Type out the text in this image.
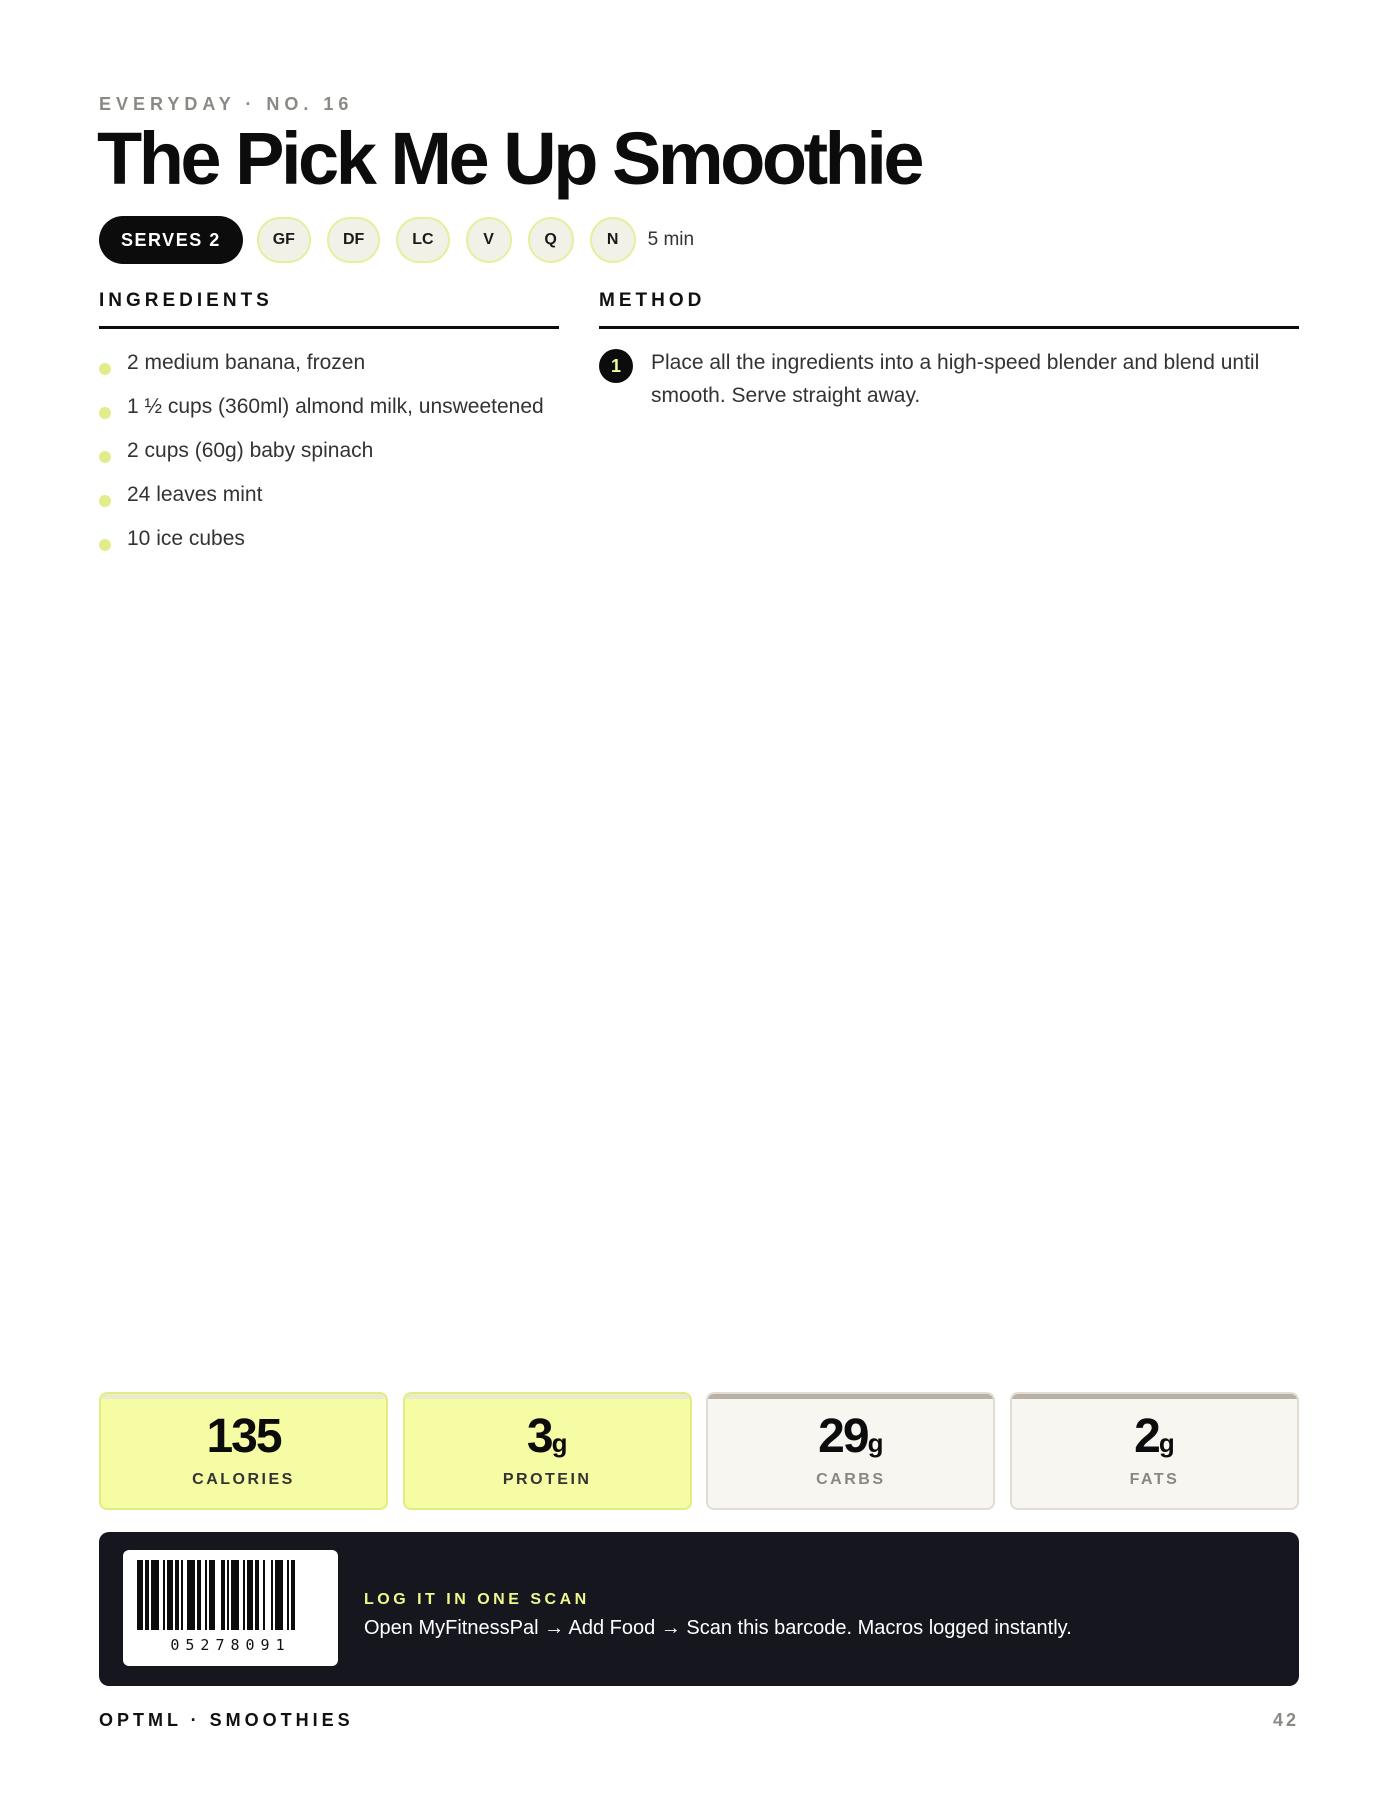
EVERYDAY · NO. 16
The Pick Me Up Smoothie
SERVES 2	GF	DF	LC	V	Q	N	5 min
INGREDIENTS
2 medium banana, frozen
1 ½ cups (360ml) almond milk, unsweetened
2 cups (60g) baby spinach
24 leaves mint
10 ice cubes
METHOD
1	Place all the ingredients into a high-speed blender and blend until smooth. Serve straight away.
135
CALORIES
3g
PROTEIN
29g
CARBS
2g
FATS
05278091
LOG IT IN ONE SCAN
Open MyFitnessPal → Add Food → Scan this barcode. Macros logged instantly.
OPTML · SMOOTHIES	42
